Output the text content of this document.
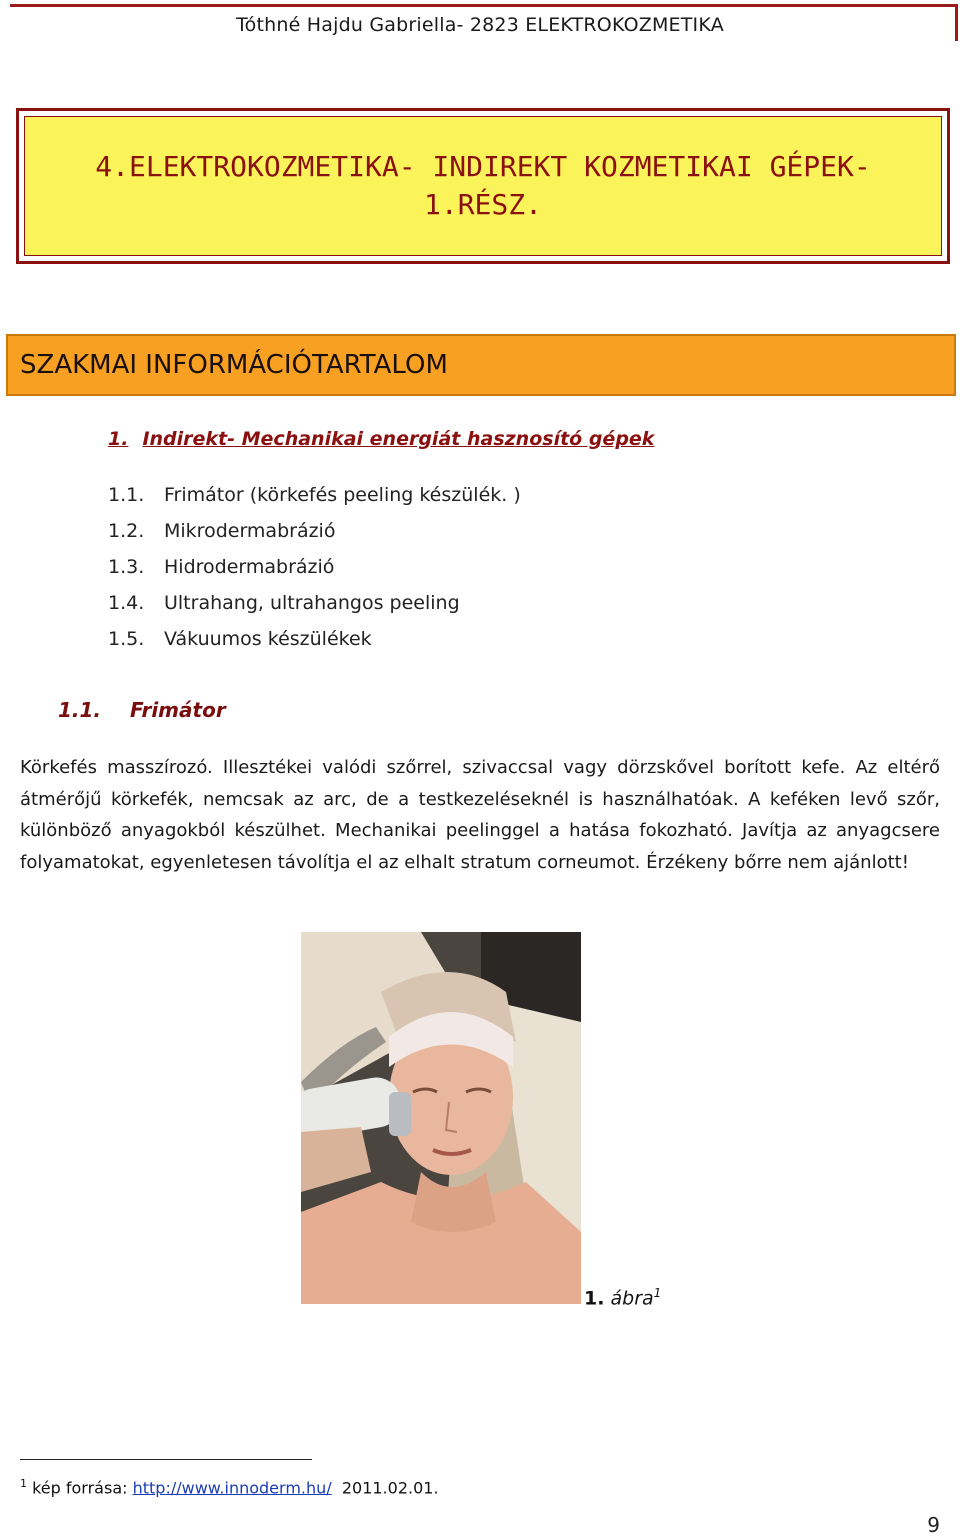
Tóthné Hajdu Gabriella- 2823 ELEKTROKOZMETIKA
4.ELEKTROKOZMETIKA- INDIREKT KOZMETIKAI GÉPEK- 1.RÉSZ.
SZAKMAI INFORMÁCIÓTARTALOM
1. Indirekt- Mechanikai energiát hasznosító gépek
1.1. Frimátor (körkefés peeling készülék. )
1.2. Mikrodermabrázió
1.3. Hidrodermabrázió
1.4. Ultrahang, ultrahangos peeling
1.5. Vákuumos készülékek
1.1. Frimátor
Körkefés masszírozó. Illesztékei valódi szőrrel, szivaccsal vagy dörzskővel borított kefe. Az eltérő átmérőjű körkefék, nemcsak az arc, de a testkezeléseknél is használhatóak. A keféken levő szőr, különböző anyagokból készülhet. Mechanikai peelinggel a hatása fokozható. Javítja az anyagcsere folyamatokat, egyenletesen távolítja el az elhalt stratum corneumot. Érzékeny bőrre nem ajánlott!
1. ábra$^1$
$^1$ kép forrása: http://www.innoderm.hu/ 2011.02.01.
9
